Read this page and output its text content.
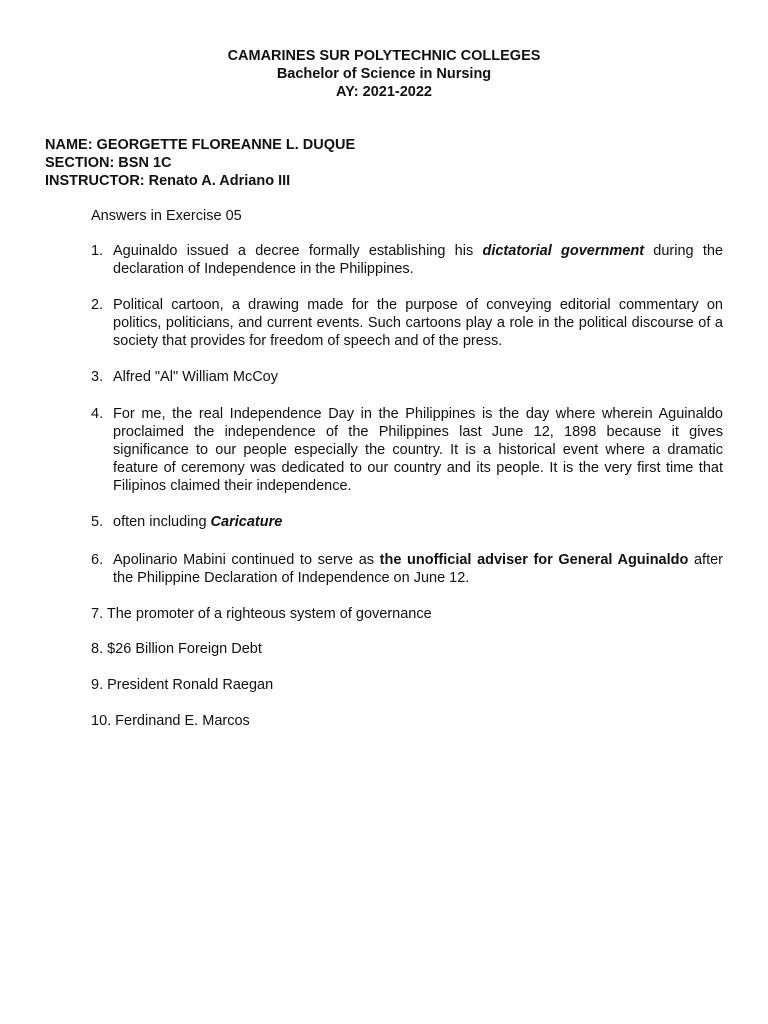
CAMARINES SUR POLYTECHNIC COLLEGES
Bachelor of Science in Nursing
AY: 2021-2022
NAME: GEORGETTE FLOREANNE L. DUQUE
SECTION: BSN 1C
INSTRUCTOR: Renato A. Adriano III
Answers in Exercise 05
1. Aguinaldo issued a decree formally establishing his dictatorial government during the declaration of Independence in the Philippines.
2. Political cartoon, a drawing made for the purpose of conveying editorial commentary on politics, politicians, and current events. Such cartoons play a role in the political discourse of a society that provides for freedom of speech and of the press.
3. Alfred "Al" William McCoy
4. For me, the real Independence Day in the Philippines is the day where wherein Aguinaldo proclaimed the independence of the Philippines last June 12, 1898 because it gives significance to our people especially the country. It is a historical event where a dramatic feature of ceremony was dedicated to our country and its people. It is the very first time that Filipinos claimed their independence.
5. often including Caricature
6. Apolinario Mabini continued to serve as the unofficial adviser for General Aguinaldo after the Philippine Declaration of Independence on June 12.
7. The promoter of a righteous system of governance
8. $26 Billion Foreign Debt
9. President Ronald Raegan
10. Ferdinand E. Marcos
